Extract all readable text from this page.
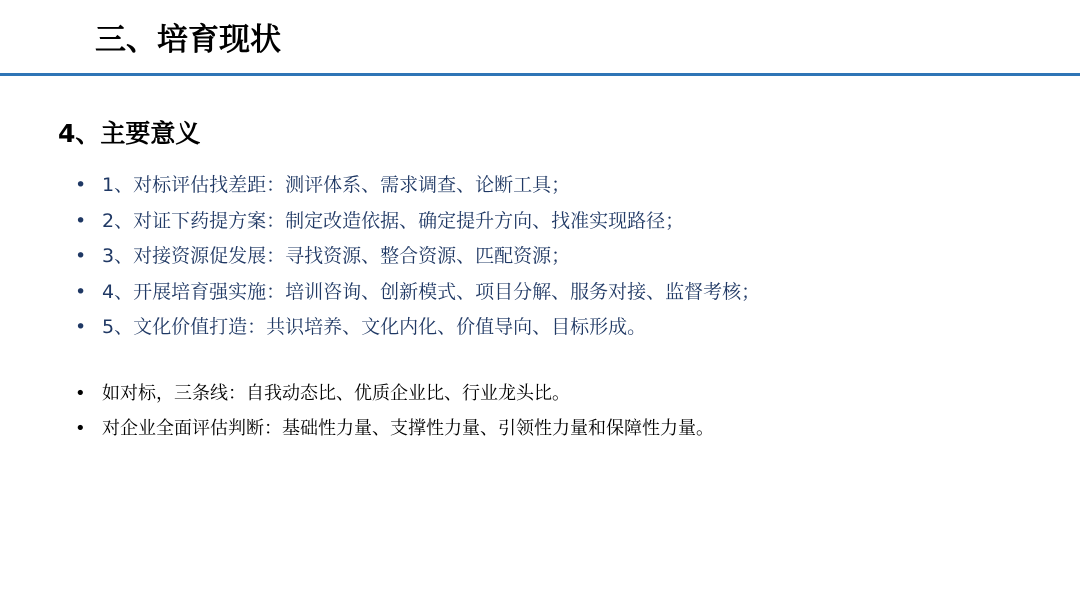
三、培育现状
4、主要意义
• 1、对标评估找差距：测评体系、需求调查、论断工具；
• 2、对证下药提方案：制定改造依据、确定提升方向、找准实现路径；
• 3、对接资源促发展：寻找资源、整合资源、匹配资源；
• 4、开展培育强实施：培训咨询、创新模式、项目分解、服务对接、监督考核；
• 5、文化价值打造：共识培养、文化内化、价值导向、目标形成。
• 如对标，三条线：自我动态比、优质企业比、行业龙头比。
• 对企业全面评估判断：基础性力量、支撑性力量、引领性力量和保障性力量。
